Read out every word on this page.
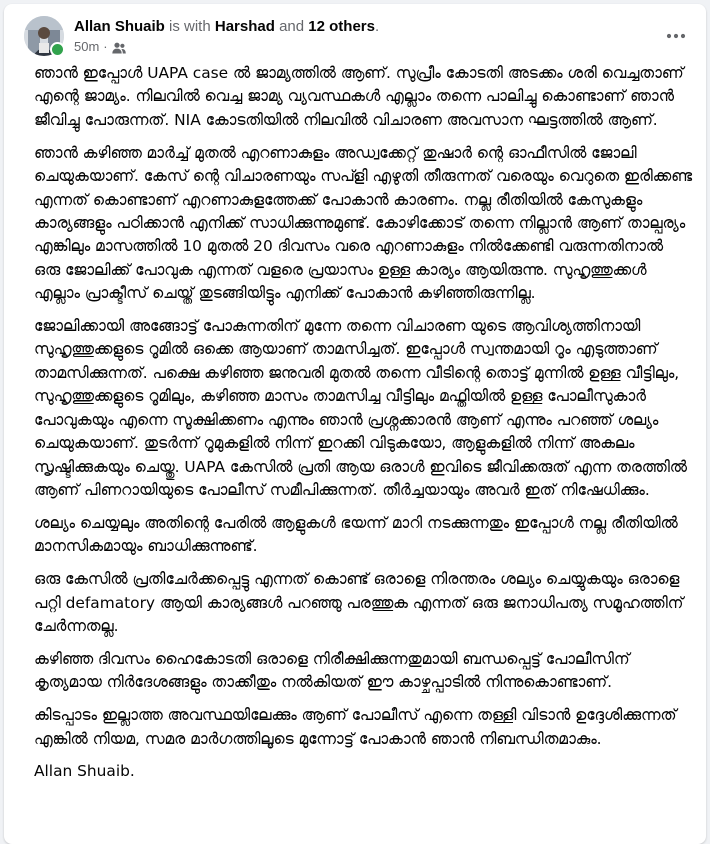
Allan Shuaib is with Harshad and 12 others.
50m ·

ഞാൻ ഇപ്പോൾ UAPA case ൽ ജാമ്യത്തിൽ ആണ്. സുപ്രീം കോടതി അടക്കം ശരി വെച്ചതാണ് എന്റെ ജാമ്യം. നിലവിൽ വെച്ച ജാമ്യ വ്യവസ്ഥകൾ എല്ലാം തന്നെ പാലിച്ചു കൊണ്ടാണ് ഞാൻ ജീവിച്ചു പോരുന്നത്. NIA കോടതിയിൽ നിലവിൽ വിചാരണ അവസാന ഘട്ടത്തിൽ ആണ്.

ഞാൻ കഴിഞ്ഞ മാർച്ച് മുതൽ എറണാകുളം അഡ്വക്കേറ്റ് തുഷാർ ന്റെ ഓഫീസിൽ ജോലി ചെയുകയാണ്. കേസ് ന്റെ വിചാരണയും സപ്ളി എഴുതി തീരുന്നത് വരെയും വെറുതെ ഇരിക്കണ്ട എന്നത് കൊണ്ടാണ് എറണാകുളത്തേക്ക് പോകാൻ കാരണം. നല്ല രീതിയിൽ കേസുകളും കാര്യങ്ങളും പഠിക്കാൻ എനിക്ക് സാധിക്കുന്നുമുണ്ട്. കോഴിക്കോട് തന്നെ നില്ലാൻ ആണ് താല്പര്യം എങ്കിലും മാസത്തിൽ 10 മുതൽ 20 ദിവസം വരെ എറണാകുളം നിൽക്കേണ്ടി വരുന്നതിനാൽ ഒരു ജോലിക്ക് പോവുക എന്നത് വളരെ പ്രയാസം ഉള്ള കാര്യം ആയിരുന്നു. സുഹൃത്തുക്കൾ എല്ലാം പ്രാക്ടീസ് ചെയ്ത് തുടങ്ങിയിട്ടും എനിക്ക് പോകാൻ കഴിഞ്ഞിരുന്നില്ല.

ജോലിക്കായി അങ്ങോട്ട് പോകുന്നതിന് മുന്നേ തന്നെ വിചാരണ യുടെ ആവിശ്യത്തിനായി സുഹൃത്തുക്കളുടെ റൂമിൽ ഒക്കെ ആയാണ് താമസിച്ചത്. ഇപ്പോൾ സ്വന്തമായി റൂം എടുത്താണ് താമസിക്കുന്നത്. പക്ഷെ കഴിഞ്ഞ ജനുവരി മുതൽ തന്നെ വീടിന്റെ തൊട്ട് മുന്നിൽ ഉള്ള വീട്ടിലും, സുഹൃത്തുക്കളുടെ റൂമിലും, കഴിഞ്ഞ മാസം താമസിച്ച വീട്ടിലും മഫ്തിയിൽ ഉള്ള പോലീസുകാർ പോവുകയും എന്നെ സൂക്ഷിക്കണം എന്നും ഞാൻ പ്രശ്നക്കാരൻ ആണ് എന്നും പറഞ്ഞ് ശല്യം ചെയുകയാണ്. തുടർന്ന് റൂമുകളിൽ നിന്ന് ഇറക്കി വിടുകയോ, ആളുകളിൽ നിന്ന് അകലം സൃഷ്ടിക്കുകയും ചെയ്തു. UAPA കേസിൽ പ്രതി ആയ ഒരാൾ ഇവിടെ ജീവിക്കരുത് എന്ന തരത്തിൽ ആണ് പിണറായിയുടെ പോലീസ് സമീപിക്കുന്നത്. തീർച്ചയായും അവർ ഇത് നിഷേധിക്കും.

ശല്യം ചെയ്യലും അതിന്റെ പേരിൽ ആളുകൾ ഭയന്ന് മാറി നടക്കുന്നതും ഇപ്പോൾ നല്ല രീതിയിൽ മാനസികമായും ബാധിക്കുന്നുണ്ട്.

ഒരു കേസിൽ പ്രതിചേർക്കപ്പെട്ടു എന്നത് കൊണ്ട് ഒരാളെ നിരന്തരം ശല്യം ചെയ്യുകയും ഒരാളെ പറ്റി defamatory ആയി കാര്യങ്ങൾ പറഞ്ഞു പരത്തുക എന്നത് ഒരു ജനാധിപത്യ സമൂഹത്തിന് ചേർന്നതല്ല.

കഴിഞ്ഞ ദിവസം ഹൈകോടതി ഒരാളെ നിരീക്ഷിക്കുന്നതുമായി ബന്ധപ്പെട്ട് പോലീസിന് കൃത്യമായ നിർദേശങ്ങളും താക്കീതും നൽകിയത് ഈ കാഴ്ചപ്പാടിൽ നിന്നുകൊണ്ടാണ്.

കിടപ്പാടം ഇല്ലാത്ത അവസ്ഥയിലേക്കും ആണ് പോലീസ് എന്നെ തള്ളി വിടാൻ ഉദ്ദേശിക്കുന്നത് എങ്കിൽ നിയമ, സമര മാർഗത്തിലൂടെ മുന്നോട്ട് പോകാൻ ഞാൻ നിബന്ധിതമാകും.

Allan Shuaib.
